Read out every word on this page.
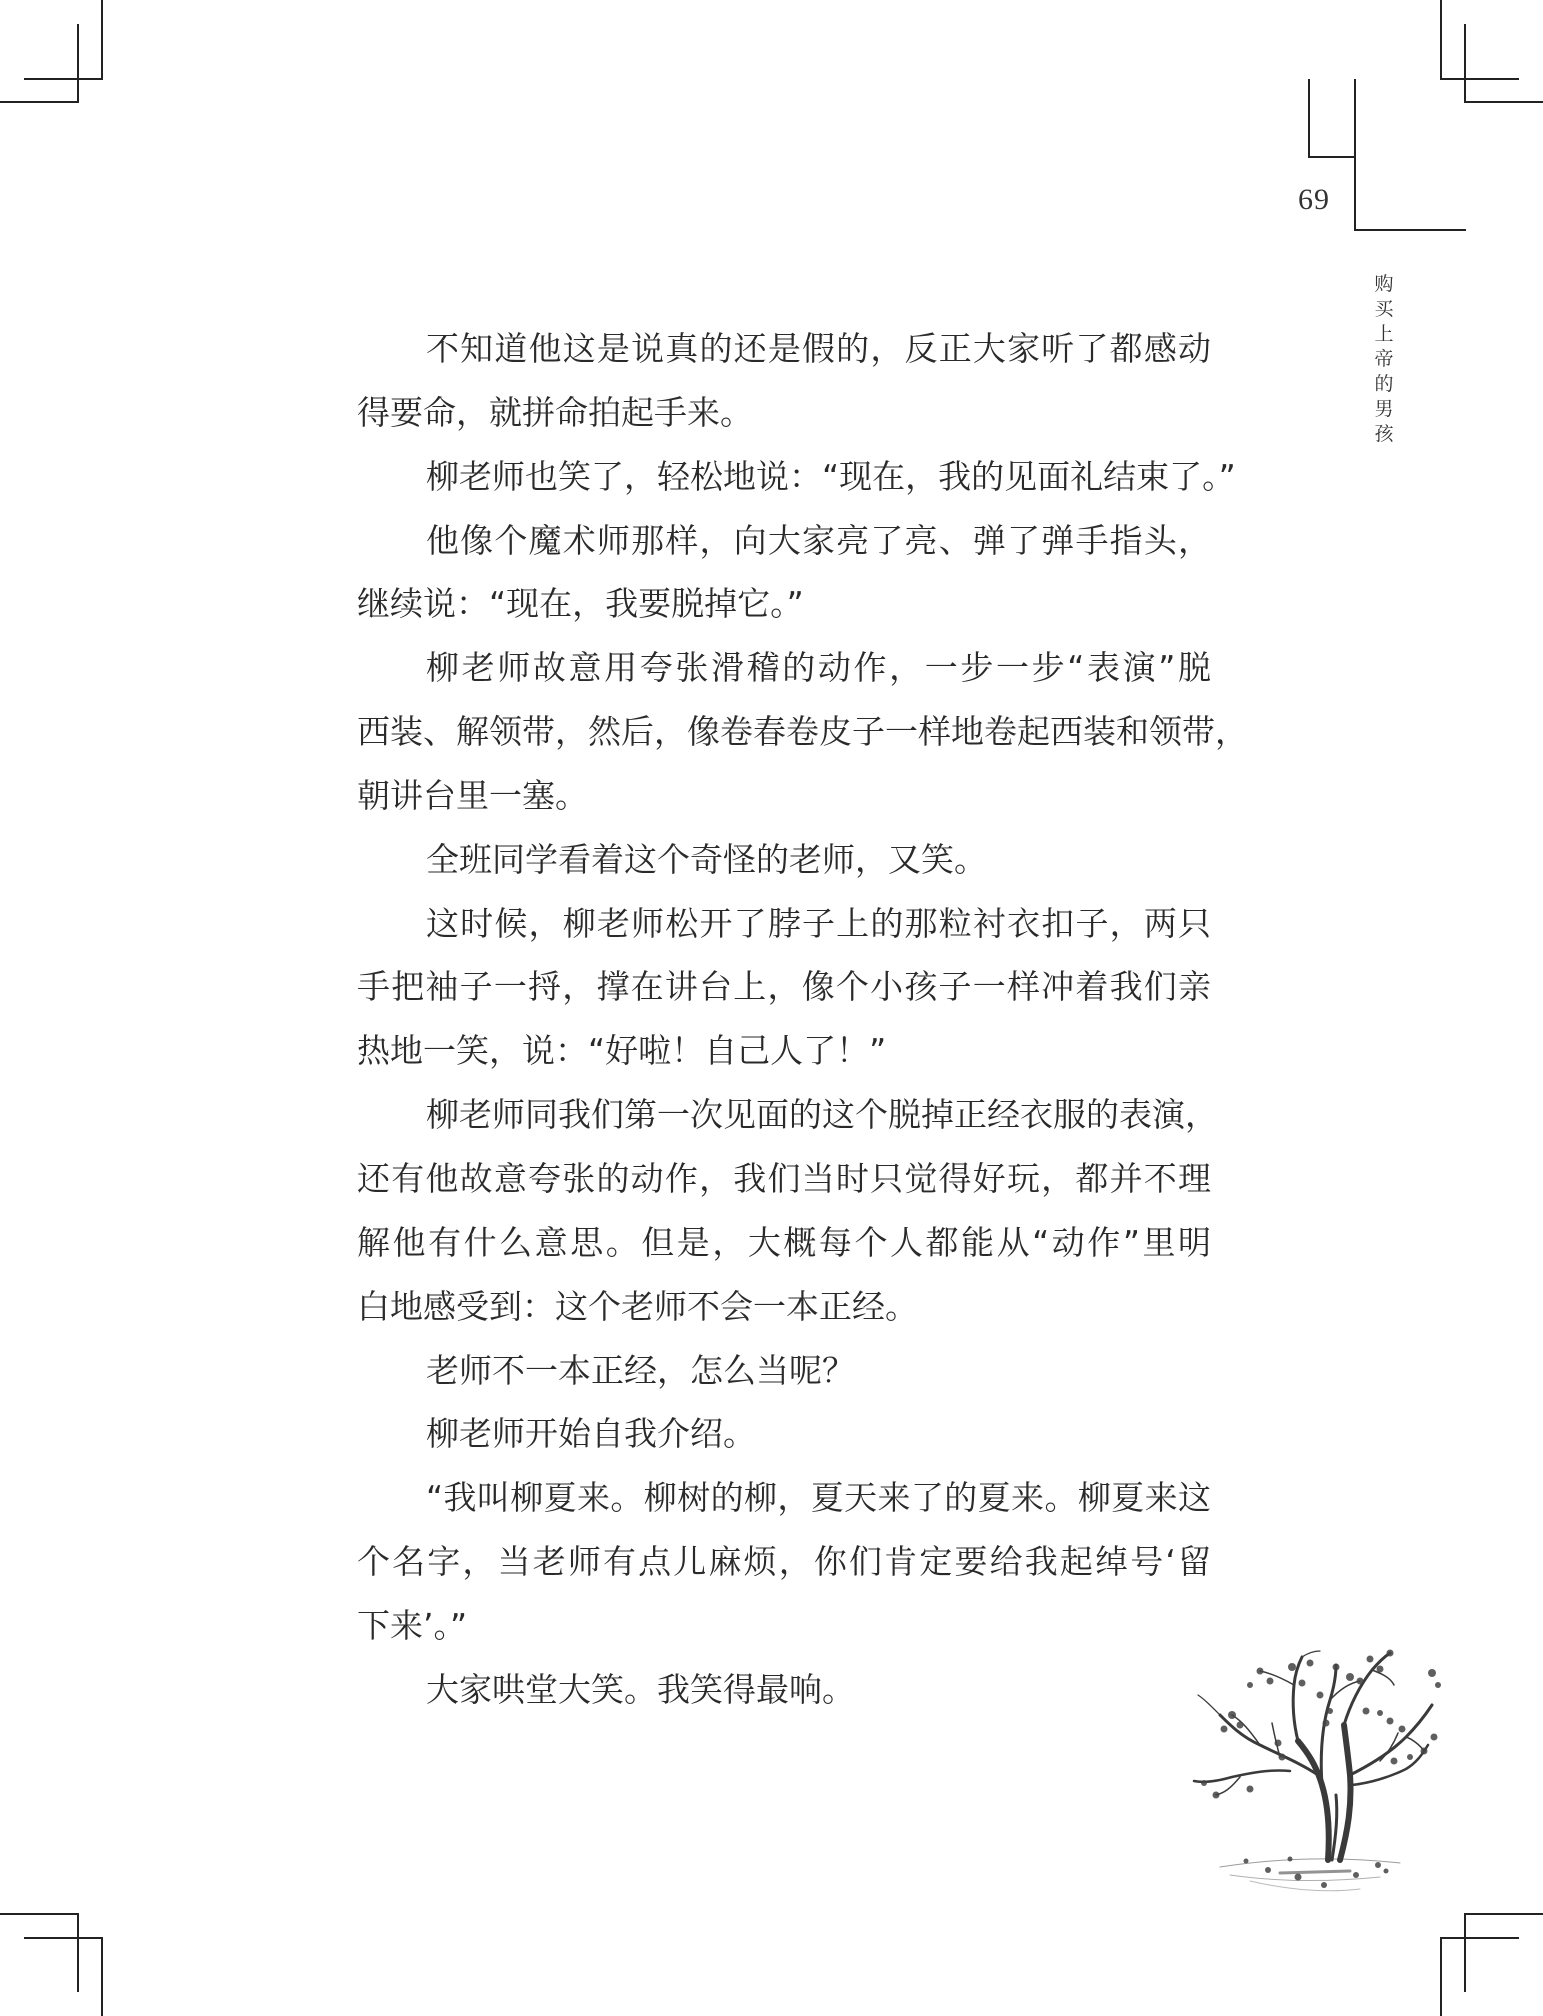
69
购买上帝的男孩
不知道他这是说真的还是假的，反正大家听了都感动
得要命，就拼命拍起手来。
柳老师也笑了，轻松地说：“现在，我的见面礼结束了。”
他像个魔术师那样，向大家亮了亮、弹了弹手指头，
继续说：“现在，我要脱掉它。”
柳老师故意用夸张滑稽的动作，一步一步“表演”脱
西装、解领带，然后，像卷春卷皮子一样地卷起西装和领带，
朝讲台里一塞。
全班同学看着这个奇怪的老师，又笑。
这时候，柳老师松开了脖子上的那粒衬衣扣子，两只
手把袖子一捋，撑在讲台上，像个小孩子一样冲着我们亲
热地一笑，说：“好啦！自己人了！”
柳老师同我们第一次见面的这个脱掉正经衣服的表演，
还有他故意夸张的动作，我们当时只觉得好玩，都并不理
解他有什么意思。但是，大概每个人都能从“动作”里明
白地感受到：这个老师不会一本正经。
老师不一本正经，怎么当呢？
柳老师开始自我介绍。
“我叫柳夏来。柳树的柳，夏天来了的夏来。柳夏来这
个名字，当老师有点儿麻烦，你们肯定要给我起绰号‘留
下来’。”
大家哄堂大笑。我笑得最响。
